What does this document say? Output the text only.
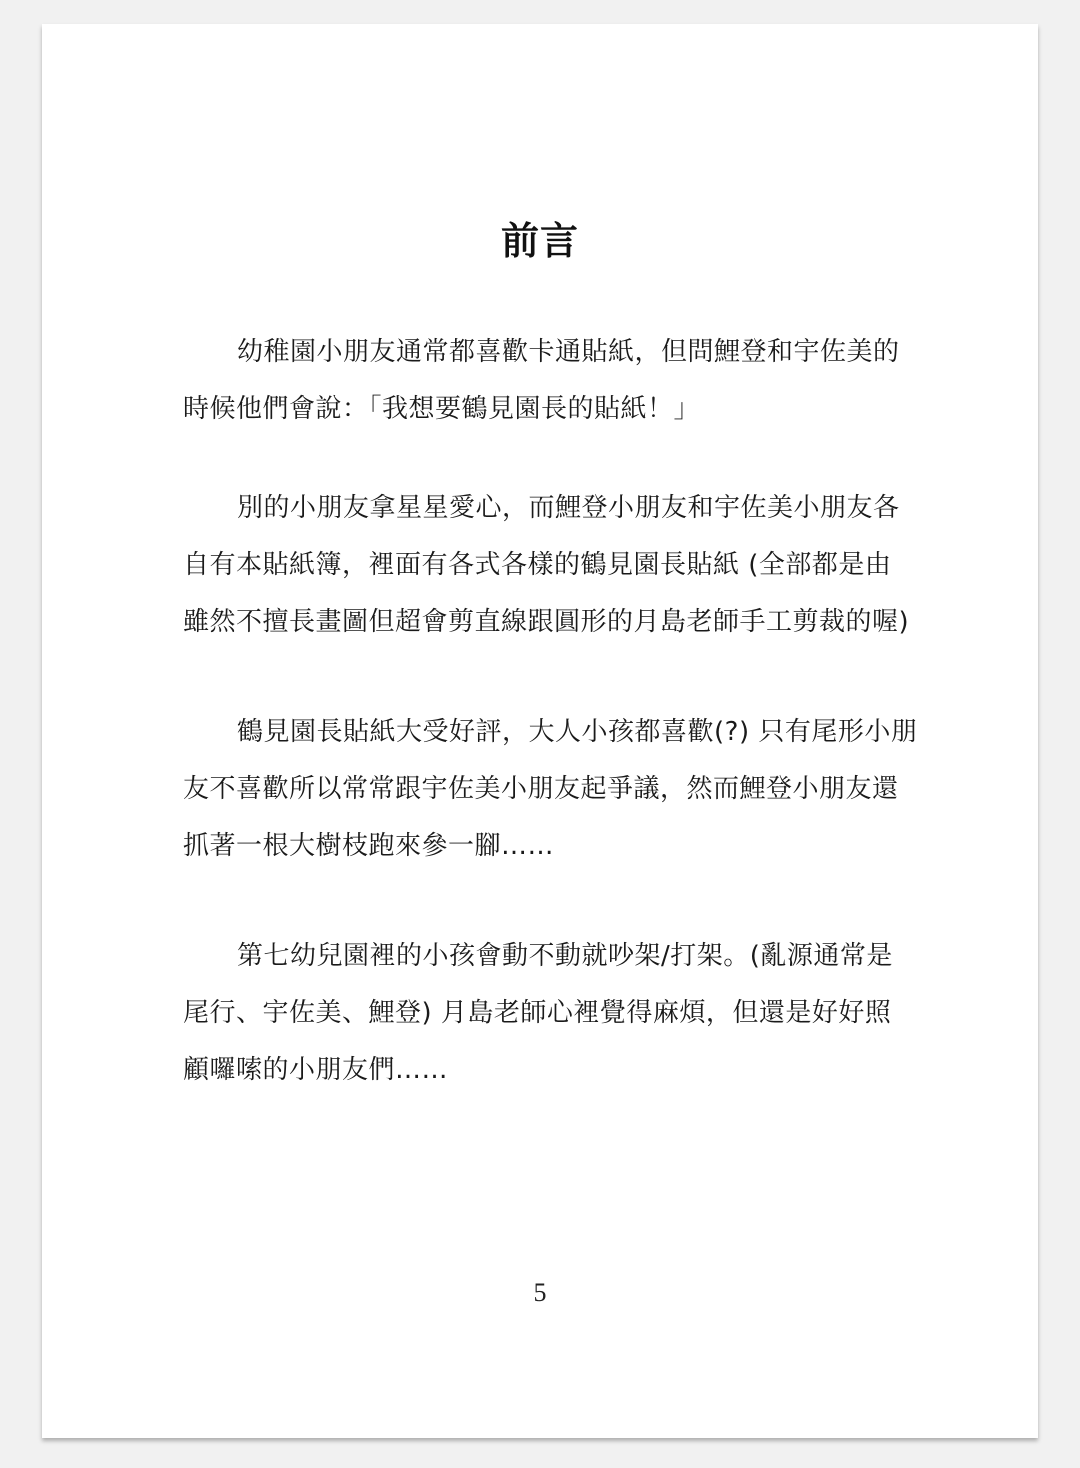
前言
幼稚園小朋友通常都喜歡卡通貼紙，但問鯉登和宇佐美的
時候他們會說：「我想要鶴見園長的貼紙！」
別的小朋友拿星星愛心，而鯉登小朋友和宇佐美小朋友各
自有本貼紙簿，裡面有各式各樣的鶴見園長貼紙 (全部都是由
雖然不擅長畫圖但超會剪直線跟圓形的月島老師手工剪裁的喔)
鶴見園長貼紙大受好評，大人小孩都喜歡(?) 只有尾形小朋
友不喜歡所以常常跟宇佐美小朋友起爭議，然而鯉登小朋友還
抓著一根大樹枝跑來參一腳……
第七幼兒園裡的小孩會動不動就吵架/打架。(亂源通常是
尾行、宇佐美、鯉登) 月島老師心裡覺得麻煩，但還是好好照
顧囉嗦的小朋友們……
5
